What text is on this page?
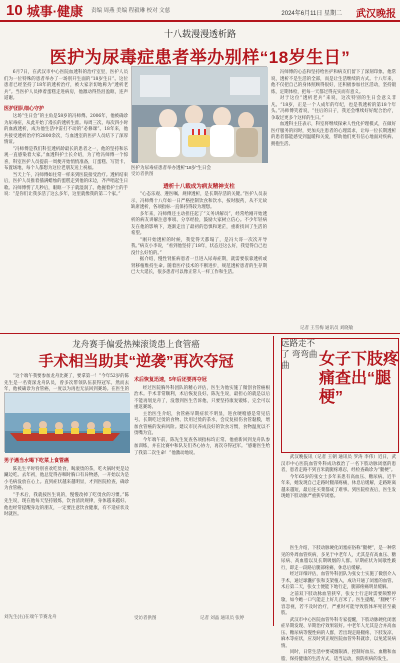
10 城事·健康 责编 周燕 美编 程毅琳 校对 文慈	2024年6月11日 星期二 武汉晚报
十八载漫漫透析路
医护为尿毒症患者举办别样“18岁生日”

6月7日，在武汉市中心医院血透科的治疗室里，医护人员们为一位特殊的患者举办了一场别开生面的“18岁生日”。这位患者已经坚持了18年的透析治疗，被大家亲切地称为“透析老兵”。当医护人员捧着蛋糕走进病房，他激动得热泪盈眶，连声道谢。

医护团队细心守护

这场“生日会”的主角是58岁的冯师傅。2006年，他被确诊为尿毒症，从此开始了漫长的透析生涯。每周三次、每次四小时的血液透析，成为他生活中雷打不动的“必修课”。18年来，他共接受透析治疗约2800余次，与血透室的医护人员结下了深厚情谊。

“冯师傅是我们科室透析龄最长的患者之一，他的坚持和乐观一直感染着大家。”血透科护士长介绍，为了给冯师傅一个惊喜，科室医护人员提前一周便开始悄悄准备，订蛋糕、写贺卡、布置场地，每个人都想为这位老朋友送上祝福。

当天上午，冯师傅如往常一样来到医院接受治疗。透析结束后，医护人员推着插满蜡烛的蛋糕走到他的床边，齐声唱起生日歌。冯师傅愣了几秒后，眼眶一下子就湿润了。他握着护士的手说：“是你们让我多活了这么多年，这里就像我的第二个家。”

医护为尿毒症患者举办透析“18岁”生日会
受访者供图
透析十八载成为病友精神支柱

“心态乐观、遵医嘱、规律透析，是长期存活的关键。”医护人员表示，冯师傅十八年如一日严格控制饮食和饮水，按时服药，从不无故缺席透析，各项指标一直保持得较为理想。

多年来，冯师傅还主动担任起了“义务讲解员”，经常给刚开始透析的病友讲解注意事项、分享经验，鼓励大家树立信心。不少年轻病友在他的影响下，逐渐走出了最初的恐惧和迷茫，重新找回了生活的希望。

“刚开始透析的时候，我觉得天都塌了，是冯大哥一次次开导我。”病友小李说，“看到他坚持了18年，状态还这么好，我觉得自己也没什么好怕的。”

据介绍，慢性肾脏病患者一旦进入尿毒症期，就需要依靠透析或肾移植维持生命。随着医疗技术的不断进步，规范透析患者的生存期已大大延长，很多患者可以像正常人一样工作和生活。

冯师傅的心态和坚持给医护和病友们留下了深刻印象。他常说，透析不是生活的全部，而是让生活继续的方式。十八年来，他不仅把自己的身体照顾得很好，还积极参加社区活动，坚持锻炼，定期体检，把每一天都过得充实而有意义。

对于这位“透析老兵”来说，这次特别的生日会意义非凡。“18岁，正是一个人成年的年纪，也是我透析的第18个年头。”冯师傅笑着说，“往后的日子，我还会继续好好配合治疗，争取过更多个这样的生日。”

血透科主任表示，科室将继续探索人性化护理模式，在做好医疗服务的同时，更加关注患者的心理需求，让每一位长期透析的患者都能感受到温暖和关爱，帮助他们更有信心地面对疾病、拥抱生活。

记者 王雪梅 通讯员 刘晓敏
龙舟赛手偏爱热辣滚烫患上食管癌
手术相当助其“逆袭”再次夺冠

“这个端午我要参加龙舟比赛了，要拿第一！”今年52岁的陈先生是一名资深龙舟队员，曾多次带领队伍获得冠军。然而去年，他被确诊为食管癌，一度以为再也无法回到赛场。在医生的

男子遇当水喝下吃菜上食管癌

陈先生平时特别喜欢吃烫食，喝滚烫的茶，吃火锅时更是边涮边吃。去年初，他总觉得吞咽时胸口有异物感，一开始以为是小毛病没放在心上。直到症状越来越明显，才到医院检查，确诊为食管癌。

“手术后，我就按医生说的，慢慢改掉了吃烫食的习惯。”陈先生说，现在他每天坚持锻炼，饮食清淡规律，身体越来越好。他也经常提醒身边的朋友，一定要注意饮食健康，有不适症状及时就医。

刘先生(右)在端午节赛龙舟
术后恢复迅速，5年后还要再夺冠

经过医院胸外科团队的精心评估，医生为他实施了微创食管癌根治术。手术非常顺利，术后恢复良好。陈先生说，最担心的就是以后不能再划龙舟了，没想到医生告诉他，只要坚持康复锻炼，完全可以重返赛场。

主治医生介绍，食管癌早期症状不明显，进食哽噎感是常见信号。长期吃过烫的食物、饮用过烫的茶水，会反复损伤食管黏膜，增加食管癌的发病风险。建议市民养成良好的饮食习惯，食物温度以不烫嘴为宜。

今年端午前，陈先生复查各项指标均正常。他重新回到龙舟队参加训练，并在比赛中和队友们齐心协力，再次夺得冠军。“感谢医生给了我第二次生命！”他激动地说。

受访者供图	记者 刘晶 通讯员 张婷
远路走不了 弯弯曲曲	女子下肢疼痛查出“腿梗”

武汉晚报讯（记者 王朝 通讯员 罗涛 李伟）近日，武汉市中心医院血管外科成功救治了一名下肢动脉闭塞的患者，患者走路不到百米就腿疼难忍，经检查确诊为“腿梗”。

今年65岁的张女士多年来患有高血压、糖尿病。近半年来，她发现自己走路时腿部疼痛，休息后缓解，走路距离越来越短，最后连买菜都成了难事。到医院检查后，医生发现她下肢动脉严重狭窄闭塞。

医生介绍，下肢动脉硬化闭塞症俗称“腿梗”，是一种常见的外周血管疾病，多见于中老年人，尤其是有高血压、糖尿病、高血脂以及长期吸烟的人群。早期症状为间歇性跛行，即走一段路后腿部疼痛，休息后缓解。

经过详细评估，血管外科团队为张女士实施了微创介入手术，通过球囊扩张和支架植入，成功开通了闭塞的血管。术后第二天，张女士便能下地行走，腿部疼痛明显缓解。

之前双下肢动脉血管狭窄，张女士行走时需要频繁停歇，如今她一口气能走上好几百米了。医生提醒，“腿梗”不容忽视，若不及时治疗，严重时可能导致肢体坏死甚至截肢。

武汉市中心医院血管外科专家提醒，下肢动脉硬化闭塞症早期发现、早期治疗效果较好。中老年人尤其是合并高血压、糖尿病等慢性病的人群，若出现走路腿疼、下肢发凉、麻木等症状，应及时到正规医院血管外科就诊，以免延误病情。

同时，日常生活中要戒烟限酒，控制好血压、血糖和血脂，保持健康的生活方式，适当运动，预防疾病的发生。
